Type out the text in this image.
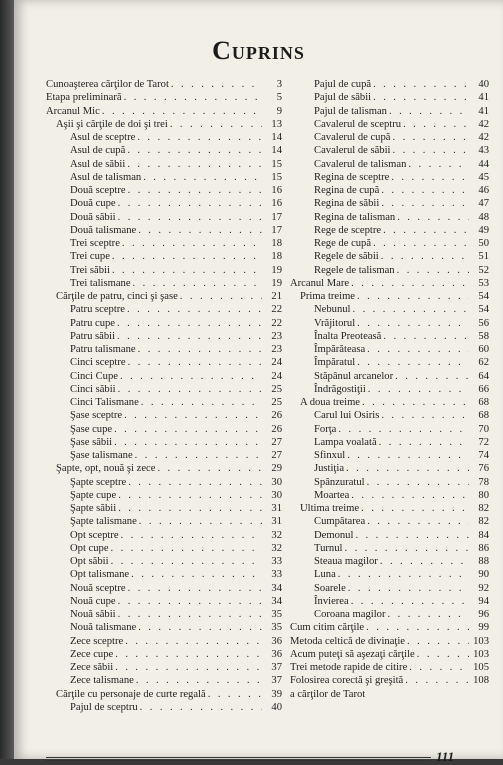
Cuprins
Cunoaşterea cărţilor de Tarot . . .	3
Etapa preliminară . . .	5
Arcanul Mic . . .	9
Aşii şi cărţile de doi şi trei . . .	13
Asul de sceptre . . .	14
Asul de cupă . . .	14
Asul de săbii . . .	15
Asul de talisman . . .	15
Două sceptre . . .	16
Două cupe . . .	16
Două săbii . . .	17
Două talismane . . .	17
Trei sceptre . . .	18
Trei cupe . . .	18
Trei săbii . . .	19
Trei talismane . . .	19
Cărţile de patru, cinci şi şase . . .	21
Patru sceptre . . .	22
Patru cupe . . .	22
Patru săbii . . .	23
Patru talismane . . .	23
Cinci sceptre . . .	24
Cinci Cupe . . .	24
Cinci săbii . . .	25
Cinci Talismane . . .	25
Şase sceptre . . .	26
Şase cupe . . .	26
Şase săbii . . .	27
Şase talismane . . .	27
Şapte, opt, nouă şi zece . . .	29
Şapte sceptre . . .	30
Şapte cupe . . .	30
Şapte săbii . . .	31
Şapte talismane . . .	31
Opt sceptre . . .	32
Opt cupe . . .	32
Opt săbii . . .	33
Opt talismane . . .	33
Nouă sceptre . . .	34
Nouă cupe . . .	34
Nouă săbii . . .	35
Nouă talismane . . .	35
Zece sceptre . . .	36
Zece cupe . . .	36
Zece săbii . . .	37
Zece talismane . . .	37
Cărţile cu personaje de curte regală . . .	39
Pajul de sceptru . . .	40
Pajul de cupă . . .	40
Pajul de săbii . . .	41
Pajul de talisman . . .	41
Cavalerul de sceptru . . .	42
Cavalerul de cupă . . .	42
Cavalerul de săbii . . .	43
Cavalerul de talisman . . .	44
Regina de sceptre . . .	45
Regina de cupă . . .	46
Regina de săbii . . .	47
Regina de talisman . . .	48
Rege de sceptre . . .	49
Rege de cupă . . .	50
Regele de săbii . . .	51
Regele de talisman . . .	52
Arcanul Mare . . .	53
Prima treime . . .	54
Nebunul . . .	54
Vrăjitorul . . .	56
Înalta Preoteasă . . .	58
Împărăteasa . . .	60
Împăratul . . .	62
Stăpânul arcanelor . . .	64
Îndrăgostiţii . . .	66
A doua treime . . .	68
Carul lui Osiris . . .	68
Forţa . . .	70
Lampa voalată . . .	72
Sfinxul . . .	74
Justiţia . . .	76
Spânzuratul . . .	78
Moartea . . .	80
Ultima treime . . .	82
Cumpătarea . . .	82
Demonul . . .	84
Turnul . . .	86
Steaua magilor . . .	88
Luna . . .	90
Soarele . . .	92
Învierea . . .	94
Coroana magilor . . .	96
Cum citim cărţile . . .	99
Metoda celtică de divinaţie . . .	103
Acum puteţi să aşezaţi cărţile . . .	103
Trei metode rapide de citire . . .	105
Folosirea corectă şi greşită . . .	108
a cărţilor de Tarot
111
